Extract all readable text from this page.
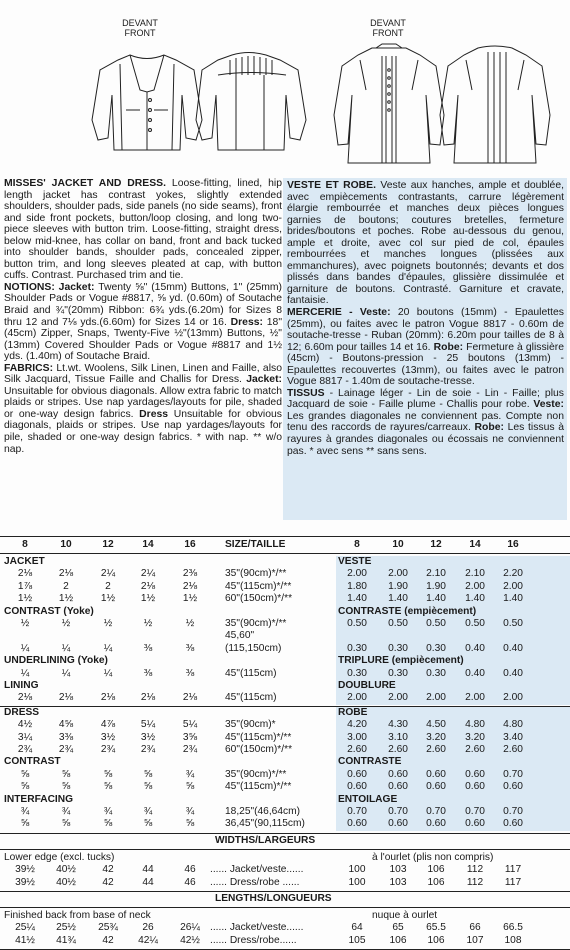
DEVANT
FRONT
DEVANT
FRONT

MISSES' JACKET AND DRESS. Loose-fitting, lined, hip length jacket has contrast yokes, slightly extended shoulders, shoulder pads, side panels (no side seams), front and side front pockets, button/loop closing, and long two-piece sleeves with button trim. Loose-fitting, straight dress, below mid-knee, has collar on band, front and back tucked into shoulder bands, shoulder pads, concealed zipper, button trim, and long sleeves pleated at cap, with button cuffs. Contrast. Purchased trim and tie.

NOTIONS: Jacket: Twenty ⅝" (15mm) Buttons, 1" (25mm) Shoulder Pads or Vogue #8817, ⅝ yd. (0.60m) of Soutache Braid and ¾"(20mm) Ribbon: 6¾ yds.(6.20m) for Sizes 8 thru 12 and 7⅛ yds.(6.60m) for Sizes 14 or 16. Dress: 18"(45cm) Zipper, Snaps, Twenty-Five ½"(13mm) Buttons, ½"(13mm) Covered Shoulder Pads or Vogue #8817 and 1½ yds. (1.40m) of Soutache Braid.

FABRICS: Lt.wt. Woolens, Silk Linen, Linen and Faille, also Silk Jacquard, Tissue Faille and Challis for Dress. Jacket: Unsuitable for obvious diagonals. Allow extra fabric to match plaids or stripes. Use nap yardages/layouts for pile, shaded or one-way design fabrics. Dress Unsuitable for obvious diagonals, plaids or stripes. Use nap yardages/layouts for pile, shaded or one-way design fabrics. * with nap. ** w/o nap.

VESTE ET ROBE. Veste aux hanches, ample et doublée, avec empiècements contrastants, carrure légèrement élargie rembourrée et manches deux pièces longues garnies de boutons; coutures bretelles, fermeture brides/boutons et poches. Robe au-dessous du genou, ample et droite, avec col sur pied de col, épaules rembourrées et manches longues (plissées aux emmanchures), avec poignets boutonnés; devants et dos plissés dans bandes d'épaules, glissière dissimulée et garniture de boutons. Contrasté. Garniture et cravate, fantaisie.

MERCERIE - Veste: 20 boutons (15mm) - Epaulettes (25mm), ou faites avec le patron Vogue 8817 - 0.60m de soutache-tresse - Ruban (20mm): 6.20m pour tailles de 8 à 12; 6.60m pour tailles 14 et 16. Robe: Fermeture à glissière (45cm) - Boutons-pression - 25 boutons (13mm) - Epaulettes recouvertes (13mm), ou faites avec le patron Vogue 8817 - 1.40m de soutache-tresse.

TISSUS - Lainage léger - Lin de soie - Lin - Faille; plus Jacquard de soie - Faille plume - Challis pour robe. Veste: Les grandes diagonales ne conviennent pas. Compte non tenu des raccords de rayures/carreaux. Robe: Les tissus à rayures à grandes diagonales ou écossais ne conviennent pas. * avec sens ** sans sens.

8	10	12	14	16	SIZE/TAILLE	8	10	12	14	16
JACKET	VESTE
2⅛	2⅛	2¼	2¼	2⅜	35"(90cm)*/**	2.00	2.00	2.10	2.10	2.20
1⅞	2	2	2⅛	2⅛	45"(115cm)*/**	1.80	1.90	1.90	2.00	2.00
1½	1½	1½	1½	1½	60"(150cm)*/**	1.40	1.40	1.40	1.40	1.40
CONTRAST (Yoke)	CONTRASTE (empiècement)
½	½	½	½	½	35"(90cm)*/**	0.50	0.50	0.50	0.50	0.50
45,60"
¼	¼	¼	⅜	⅜	(115,150cm)	0.30	0.30	0.30	0.40	0.40
UNDERLINING (Yoke)	TRIPLURE (empiècement)
¼	¼	¼	⅜	⅜	45"(115cm)	0.30	0.30	0.30	0.40	0.40
LINING	DOUBLURE
2⅛	2⅛	2⅛	2⅛	2⅛	45"(115cm)	2.00	2.00	2.00	2.00	2.00
DRESS	ROBE
4½	4⅝	4⅞	5¼	5¼	35"(90cm)*	4.20	4.30	4.50	4.80	4.80
3¼	3⅜	3½	3½	3⅝	45"(115cm)*/**	3.00	3.10	3.20	3.20	3.40
2¾	2¾	2¾	2¾	2¾	60"(150cm)*/**	2.60	2.60	2.60	2.60	2.60
CONTRAST	CONTRASTE
⅝	⅝	⅝	⅝	¾	35"(90cm)*/**	0.60	0.60	0.60	0.60	0.70
⅝	⅝	⅝	⅝	⅝	45"(115cm)*/**	0.60	0.60	0.60	0.60	0.60
INTERFACING	ENTOILAGE
¾	¾	¾	¾	¾	18,25"(46,64cm)	0.70	0.70	0.70	0.70	0.70
⅝	⅝	⅝	⅝	⅝	36,45"(90,115cm)	0.60	0.60	0.60	0.60	0.60
WIDTHS/LARGEURS
Lower edge (excl. tucks)	à l'ourlet (plis non compris)
39½	40½	42	44	46	...... Jacket/veste......	100	103	106	112	117
39½	40½	42	44	46	...... Dress/robe ......	100	103	106	112	117
LENGTHS/LONGUEURS
Finished back from base of neck	nuque à ourlet
25¼	25½	25¾	26	26¼ ...... Jacket/veste......	64	65	65.5	66	66.5
41½	41¾	42	42¼	42½ ...... Dress/robe......	105	106	106	107	108
